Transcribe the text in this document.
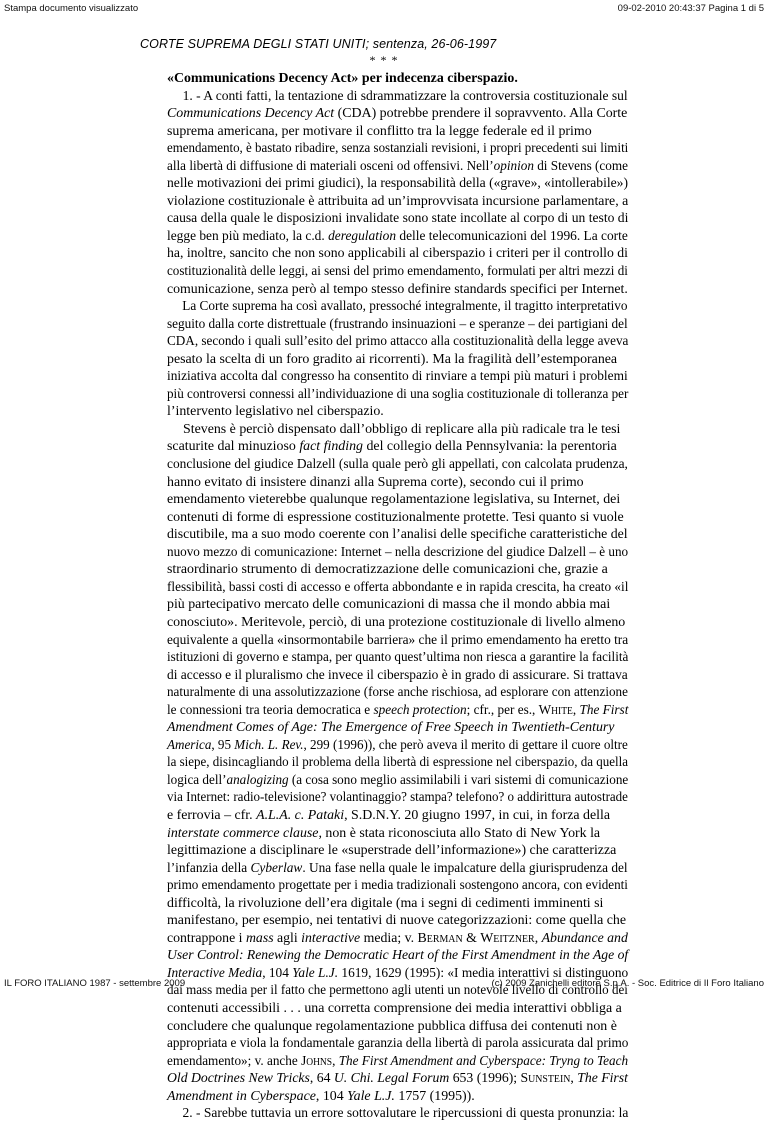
Stampa documento visualizzato	09-02-2010 20:43:37 Pagina 1 di 5
CORTE SUPREMA DEGLI STATI UNITI; sentenza, 26-06-1997
* * *
«Communications Decency Act» per indecenza ciberspazio.
1. - A conti fatti, la tentazione di sdrammatizzare la controversia costituzionale sul
Communications Decency Act (CDA) potrebbe prendere il sopravvento. Alla Corte
suprema americana, per motivare il conflitto tra la legge federale ed il primo
emendamento, è bastato ribadire, senza sostanziali revisioni, i propri precedenti sui limiti
alla libertà di diffusione di materiali osceni od offensivi. Nell’opinion di Stevens (come
nelle motivazioni dei primi giudici), la responsabilità della («grave», «intollerabile»)
violazione costituzionale è attribuita ad un’improvvisata incursione parlamentare, a
causa della quale le disposizioni invalidate sono state incollate al corpo di un testo di
legge ben più mediato, la c.d. deregulation delle telecomunicazioni del 1996. La corte
ha, inoltre, sancito che non sono applicabili al ciberspazio i criteri per il controllo di
costituzionalità delle leggi, ai sensi del primo emendamento, formulati per altri mezzi di
comunicazione, senza però al tempo stesso definire standards specifici per Internet.
La Corte suprema ha così avallato, pressoché integralmente, il tragitto interpretativo
seguito dalla corte distrettuale (frustrando insinuazioni – e speranze – dei partigiani del
CDA, secondo i quali sull’esito del primo attacco alla costituzionalità della legge aveva
pesato la scelta di un foro gradito ai ricorrenti). Ma la fragilità dell’estemporanea
iniziativa accolta dal congresso ha consentito di rinviare a tempi più maturi i problemi
più controversi connessi all’individuazione di una soglia costituzionale di tolleranza per
l’intervento legislativo nel ciberspazio.
Stevens è perciò dispensato dall’obbligo di replicare alla più radicale tra le tesi
scaturite dal minuzioso fact finding del collegio della Pennsylvania: la perentoria
conclusione del giudice Dalzell (sulla quale però gli appellati, con calcolata prudenza,
hanno evitato di insistere dinanzi alla Suprema corte), secondo cui il primo
emendamento vieterebbe qualunque regolamentazione legislativa, su Internet, dei
contenuti di forme di espressione costituzionalmente protette. Tesi quanto si vuole
discutibile, ma a suo modo coerente con l’analisi delle specifiche caratteristiche del
nuovo mezzo di comunicazione: Internet – nella descrizione del giudice Dalzell – è uno
straordinario strumento di democratizzazione delle comunicazioni che, grazie a
flessibilità, bassi costi di accesso e offerta abbondante e in rapida crescita, ha creato «il
più partecipativo mercato delle comunicazioni di massa che il mondo abbia mai
conosciuto». Meritevole, perciò, di una protezione costituzionale di livello almeno
equivalente a quella «insormontabile barriera» che il primo emendamento ha eretto tra
istituzioni di governo e stampa, per quanto quest’ultima non riesca a garantire la facilità
di accesso e il pluralismo che invece il ciberspazio è in grado di assicurare. Si trattava
naturalmente di una assolutizzazione (forse anche rischiosa, ad esplorare con attenzione
le connessioni tra teoria democratica e speech protection; cfr., per es., White, The First
Amendment Comes of Age: The Emergence of Free Speech in Twentieth-Century
America, 95 Mich. L. Rev., 299 (1996)), che però aveva il merito di gettare il cuore oltre
la siepe, disincagliando il problema della libertà di espressione nel ciberspazio, da quella
logica dell’analogizing (a cosa sono meglio assimilabili i vari sistemi di comunicazione
via Internet: radio-televisione? volantinaggio? stampa? telefono? o addirittura autostrade
e ferrovia – cfr. A.L.A. c. Pataki, S.D.N.Y. 20 giugno 1997, in cui, in forza della
interstate commerce clause, non è stata riconosciuta allo Stato di New York la
legittimazione a disciplinare le «superstrade dell’informazione») che caratterizza
l’infanzia della Cyberlaw. Una fase nella quale le impalcature della giurisprudenza del
primo emendamento progettate per i media tradizionali sostengono ancora, con evidenti
difficoltà, la rivoluzione dell’era digitale (ma i segni di cedimenti imminenti si
manifestano, per esempio, nei tentativi di nuove categorizzazioni: come quella che
contrappone i mass agli interactive media; v. Berman & Weitzner, Abundance and
User Control: Renewing the Democratic Heart of the First Amendment in the Age of
Interactive Media, 104 Yale L.J. 1619, 1629 (1995): «I media interattivi si distinguono
dai mass media per il fatto che permettono agli utenti un notevole livello di controllo dei
contenuti accessibili . . . una corretta comprensione dei media interattivi obbliga a
concludere che qualunque regolamentazione pubblica diffusa dei contenuti non è
appropriata e viola la fondamentale garanzia della libertà di parola assicurata dal primo
emendamento»; v. anche Johns, The First Amendment and Cyberspace: Tryng to Teach
Old Doctrines New Tricks, 64 U. Chi. Legal Forum 653 (1996); Sunstein, The First
Amendment in Cyberspace, 104 Yale L.J. 1757 (1995)).
2. - Sarebbe tuttavia un errore sottovalutare le ripercussioni di questa pronunzia: la
IL FORO ITALIANO 1987 - settembre 2009	(c) 2009 Zanichelli editore S.p.A. - Soc. Editrice di Il Foro Italiano
